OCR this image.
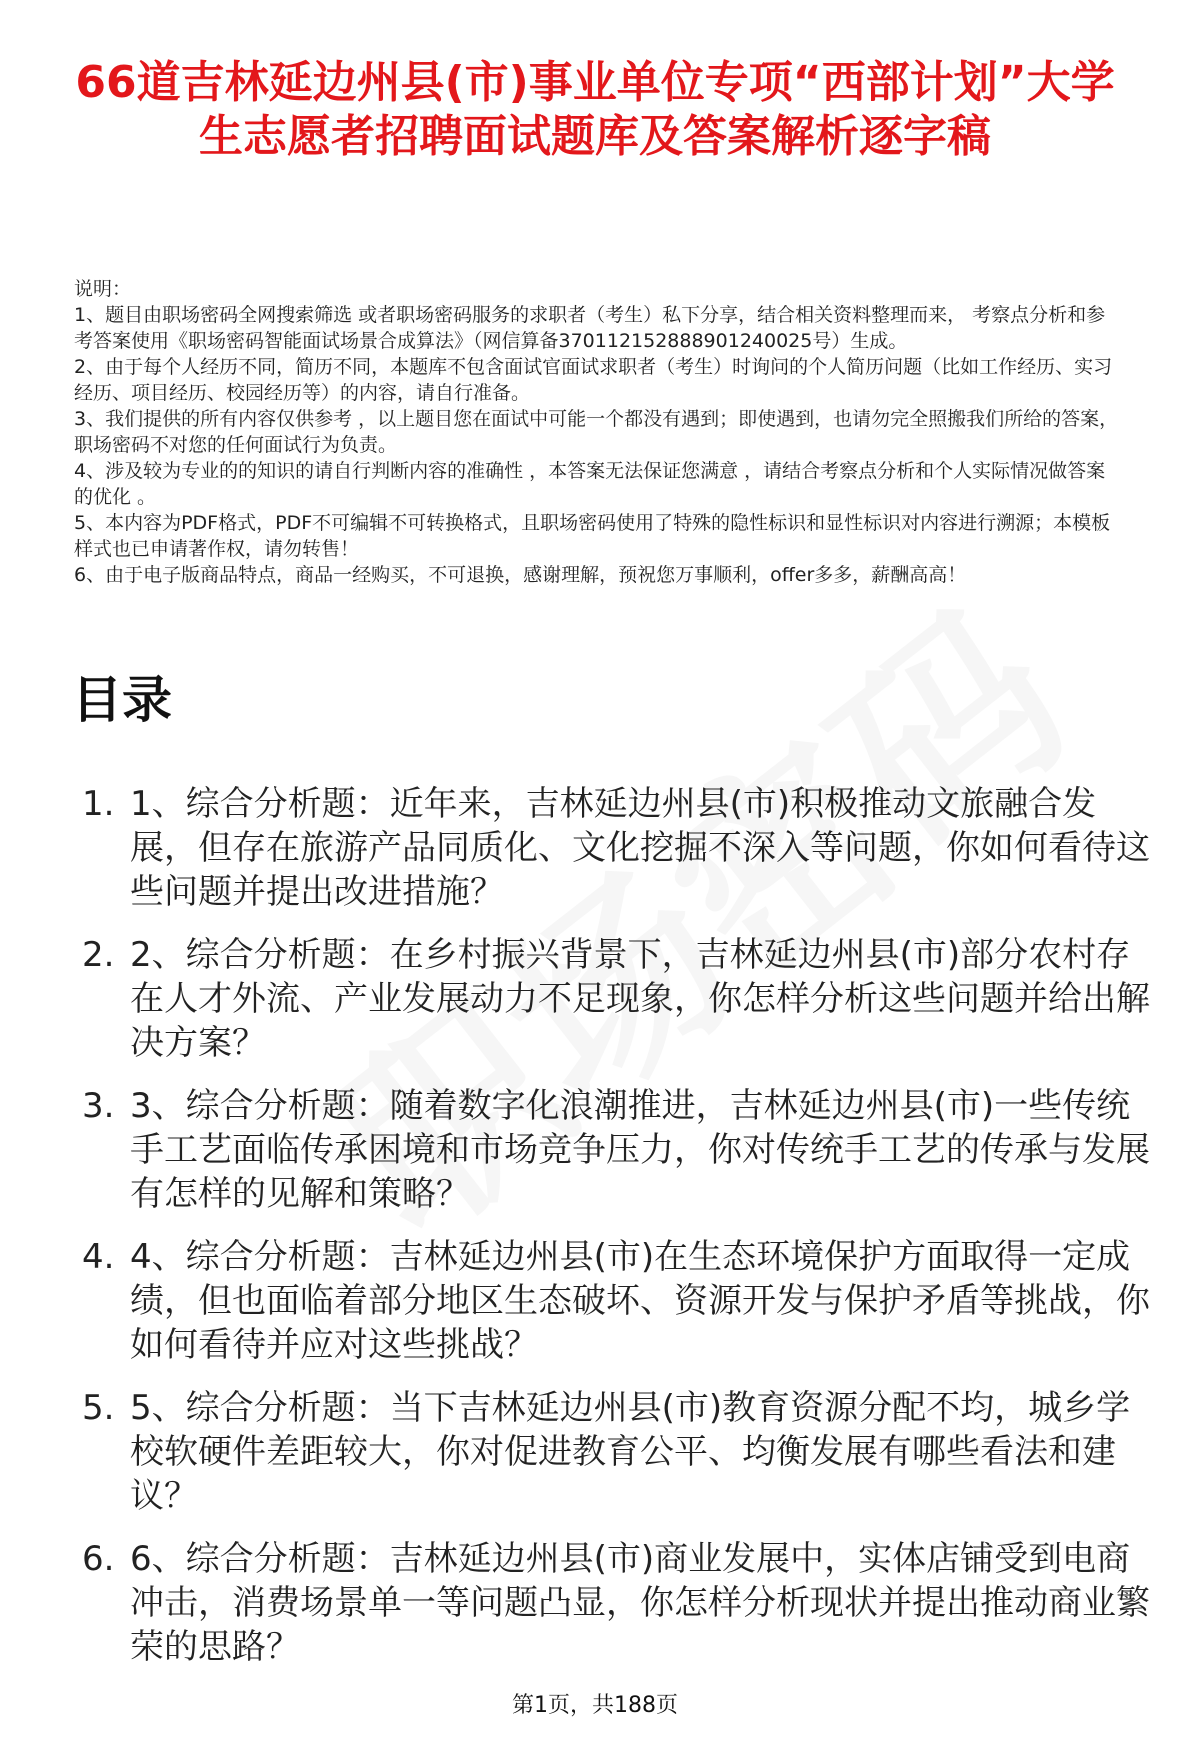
66道吉林延边州县(市)事业单位专项“西部计划”大学生志愿者招聘面试题库及答案解析逐字稿

说明：

1、题目由职场密码全网搜索筛选 或者职场密码服务的求职者（考生）私下分享，结合相关资料整理而来， 考察点分析和参考答案使用《职场密码智能面试场景合成算法》（网信算备370112152888901240025号）生成。

2、由于每个人经历不同，简历不同，本题库不包含面试官面试求职者（考生）时询问的个人简历问题（比如工作经历、实习经历、项目经历、校园经历等）的内容，请自行准备。

3、我们提供的所有内容仅供参考 ，以上题目您在面试中可能一个都没有遇到；即使遇到，也请勿完全照搬我们所给的答案，职场密码不对您的任何面试行为负责。

4、涉及较为专业的的知识的请自行判断内容的准确性 ，本答案无法保证您满意 ，请结合考察点分析和个人实际情况做答案的优化 。

5、本内容为PDF格式，PDF不可编辑不可转换格式，且职场密码使用了特殊的隐性标识和显性标识对内容进行溯源；本模板样式也已申请著作权，请勿转售！

6、由于电子版商品特点，商品一经购买，不可退换，感谢理解，预祝您万事顺利，offer多多，薪酬高高！

目录
1. 1、综合分析题：近年来，吉林延边州县(市)积极推动文旅融合发展，但存在旅游产品同质化、文化挖掘不深入等问题，你如何看待这些问题并提出改进措施？
2. 2、综合分析题：在乡村振兴背景下，吉林延边州县(市)部分农村存在人才外流、产业发展动力不足现象，你怎样分析这些问题并给出解决方案？
3. 3、综合分析题：随着数字化浪潮推进，吉林延边州县(市)一些传统手工艺面临传承困境和市场竞争压力，你对传统手工艺的传承与发展有怎样的见解和策略？
4. 4、综合分析题：吉林延边州县(市)在生态环境保护方面取得一定成绩，但也面临着部分地区生态破坏、资源开发与保护矛盾等挑战，你如何看待并应对这些挑战？
5. 5、综合分析题：当下吉林延边州县(市)教育资源分配不均，城乡学校软硬件差距较大，你对促进教育公平、均衡发展有哪些看法和建议？
6. 6、综合分析题：吉林延边州县(市)商业发展中，实体店铺受到电商冲击，消费场景单一等问题凸显，你怎样分析现状并提出推动商业繁荣的思路？
第1页，共188页
